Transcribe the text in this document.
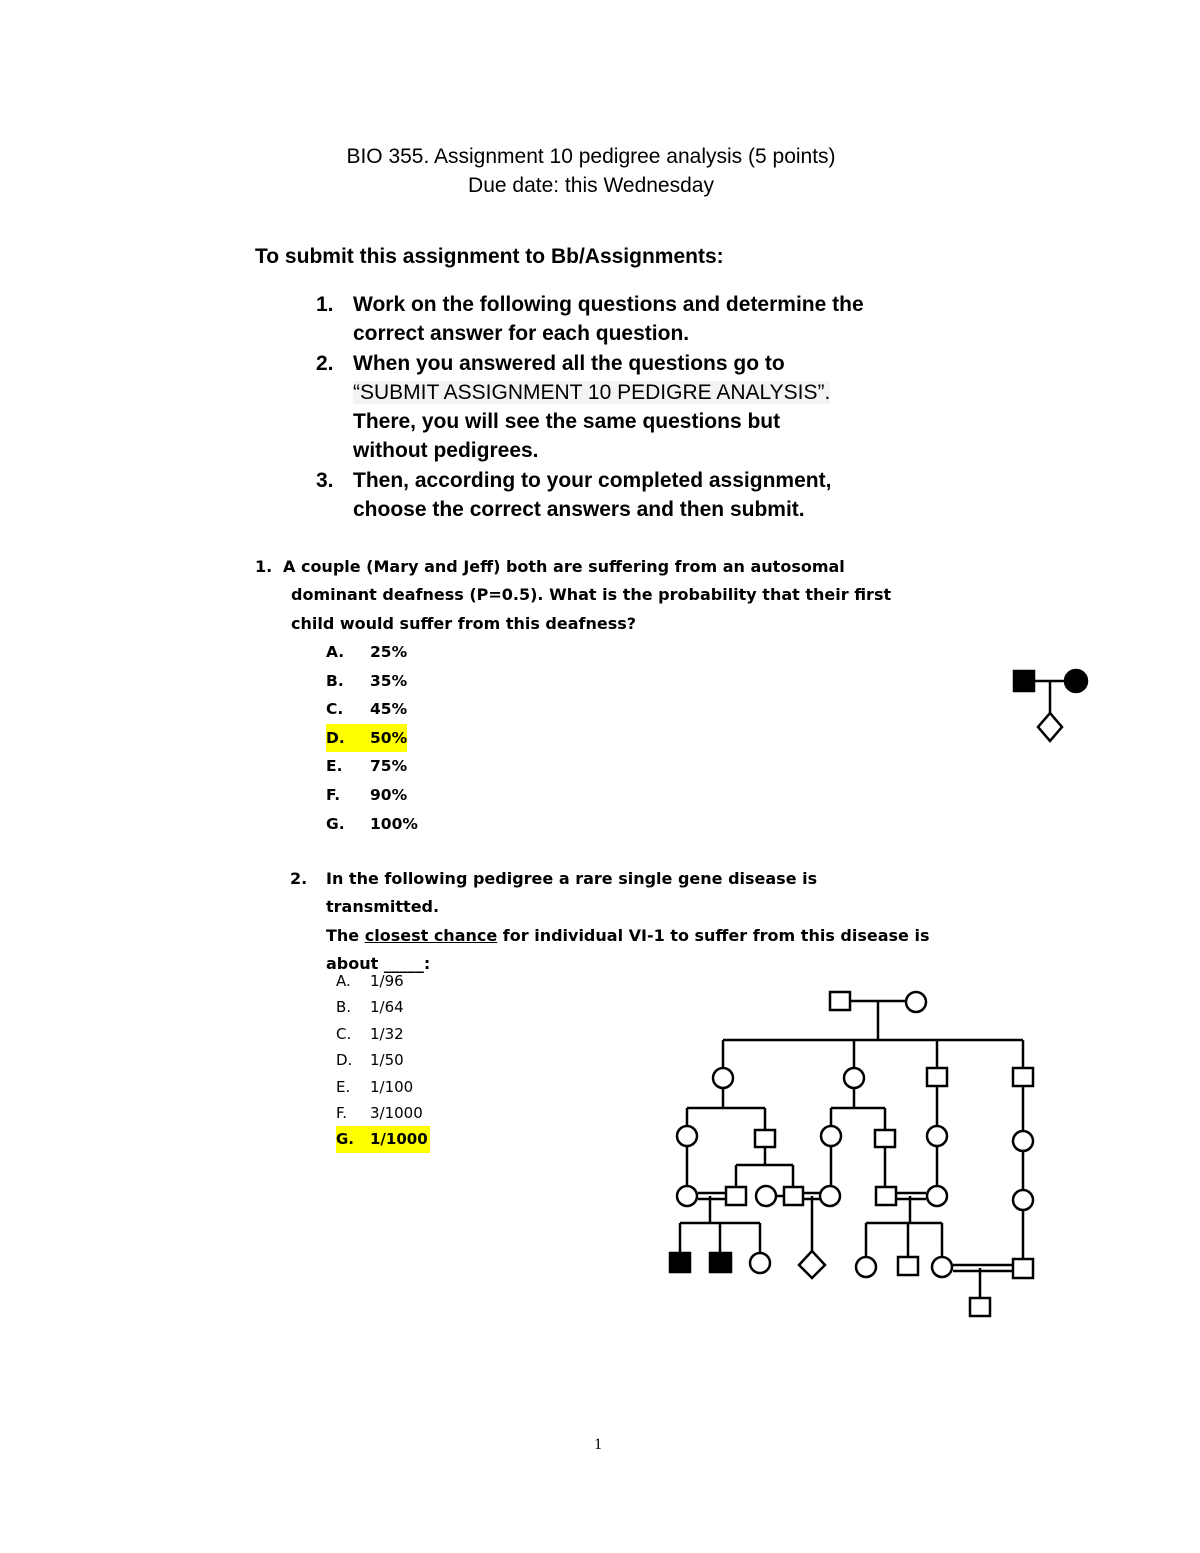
BIO 355. Assignment 10 pedigree analysis (5 points)
Due date: this Wednesday
To submit this assignment to Bb/Assignments:
1. Work on the following questions and determine the correct answer for each question.
2. When you answered all the questions go to
“SUBMIT ASSIGNMENT 10 PEDIGRE ANALYSIS”.
There, you will see the same questions but without pedigrees.
3. Then, according to your completed assignment, choose the correct answers and then submit.
1. A couple (Mary and Jeff) both are suffering from an autosomal
dominant deafness (P=0.5). What is the probability that their first
child would suffer from this deafness?
A.	25%
B.	35%
C.	45%
D.	50%
E.	75%
F.	90%
G.	100%
2.	In the following pedigree a rare single gene disease is transmitted.
The closest chance for individual VI-1 to suffer from this disease is
about _____:
A.	1/96
B.	1/64
C.	1/32
D.	1/50
E.	1/100
F.	3/1000
G.	1/1000
1
